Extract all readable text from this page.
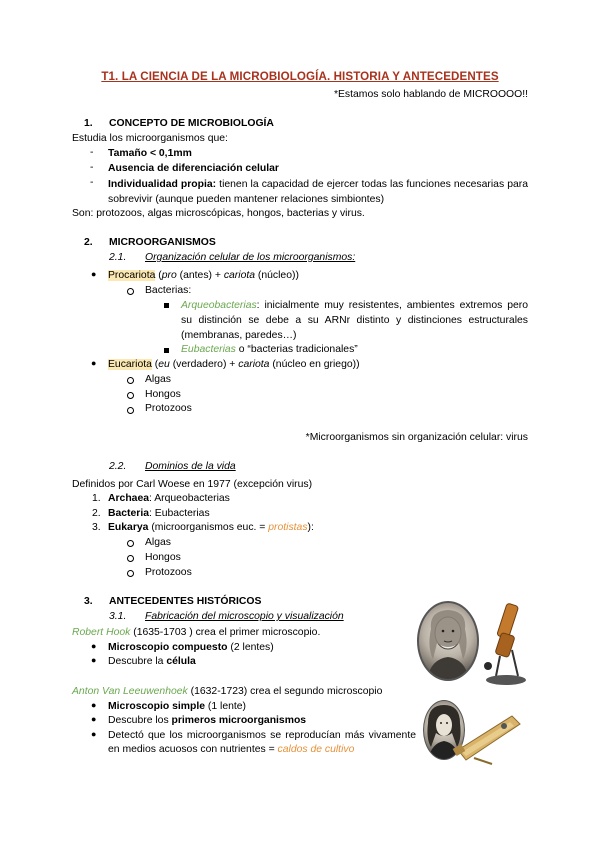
T1. LA CIENCIA DE LA MICROBIOLOGÍA. HISTORIA Y ANTECEDENTES
*Estamos solo hablando de MICROOOO!!
1. CONCEPTO DE MICROBIOLOGÍA
Estudia los microorganismos que:
- Tamaño < 0,1mm
- Ausencia de diferenciación celular
- Individualidad propia: tienen la capacidad de ejercer todas las funciones necesarias para sobrevivir (aunque pueden mantener relaciones simbiontes)
Son: protozoos, algas microscópicas, hongos, bacterias y virus.
2. MICROORGANISMOS
2.1. Organización celular de los microorganismos:
● Procariota (pro (antes) + cariota (núcleo))
Bacterias:
Arqueobacterias: inicialmente muy resistentes, ambientes extremos pero su distinción se debe a su ARNr distinto y distinciones estructurales (membranas, paredes…)
Eubacterias o “bacterias tradicionales”
● Eucariota (eu (verdadero) + cariota (núcleo en griego))
Algas
Hongos
Protozoos
*Microorganismos sin organización celular: virus
2.2. Dominios de la vida
Definidos por Carl Woese en 1977 (excepción virus)
1. Archaea: Arqueobacterias
2. Bacteria: Eubacterias
3. Eukarya (microorganismos euc. = protistas):
Algas
Hongos
Protozoos
3. ANTECEDENTES HISTÓRICOS
3.1. Fabricación del microscopio y visualización
Robert Hook (1635-1703 ) crea el primer microscopio.
● Microscopio compuesto (2 lentes)
● Descubre la célula
Anton Van Leeuwenhoek (1632-1723) crea el segundo microscopio
● Microscopio simple (1 lente)
● Descubre los primeros microorganismos
● Detectó que los microorganismos se reproducían más vivamente en medios acuosos con nutrientes = caldos de cultivo
